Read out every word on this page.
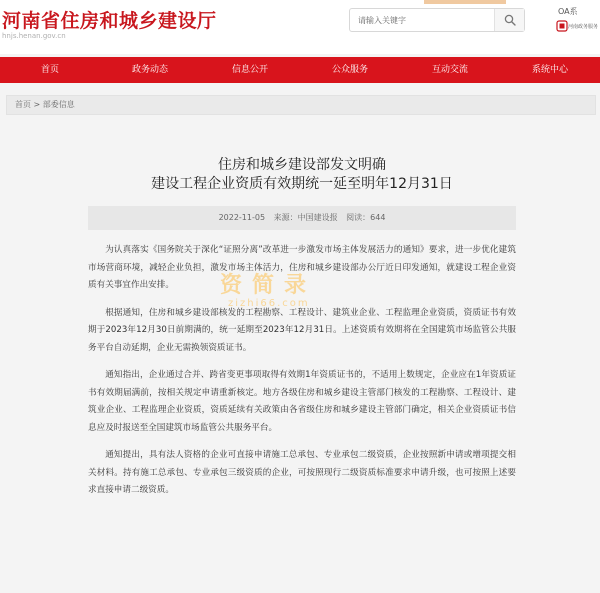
河南省住房和城乡建设厅
hnjs.henan.gov.cn
请输入关键字
OA系
河南政务服务
首页	政务动态	信息公开	公众服务	互动交流	系统中心
首页 > 部委信息
住房和城乡建设部发文明确
建设工程企业资质有效期统一延至明年12月31日
2022-11-05 来源：中国建设报 阅读：644

为认真落实《国务院关于深化“证照分离”改革进一步激发市场主体发展活力的通知》要求，进一步优化建筑市场营商环境，减轻企业负担，激发市场主体活力，住房和城乡建设部办公厅近日印发通知，就建设工程企业资质有关事宜作出安排。

根据通知，住房和城乡建设部核发的工程勘察、工程设计、建筑业企业、工程监理企业资质，资质证书有效期于2023年12月30日前期满的，统一延期至2023年12月31日。上述资质有效期将在全国建筑市场监管公共服务平台自动延期，企业无需换领资质证书。

通知指出，企业通过合并、跨省变更事项取得有效期1年资质证书的，不适用上数规定，企业应在1年资质证书有效期届满前，按相关规定申请重新核定。地方各级住房和城乡建设主管部门核发的工程勘察、工程设计、建筑业企业、工程监理企业资质，资质延续有关政策由各省级住房和城乡建设主管部门确定，相关企业资质证书信息应及时报送至全国建筑市场监管公共服务平台。

通知提出，具有法人资格的企业可直接申请施工总承包、专业承包二级资质，企业按照新申请或增项提交相关材料。持有施工总承包、专业承包三级资质的企业，可按照现行二级资质标准要求申请升级，也可按照上述要求直接申请二级资质。

资简录
zizhi66.com
